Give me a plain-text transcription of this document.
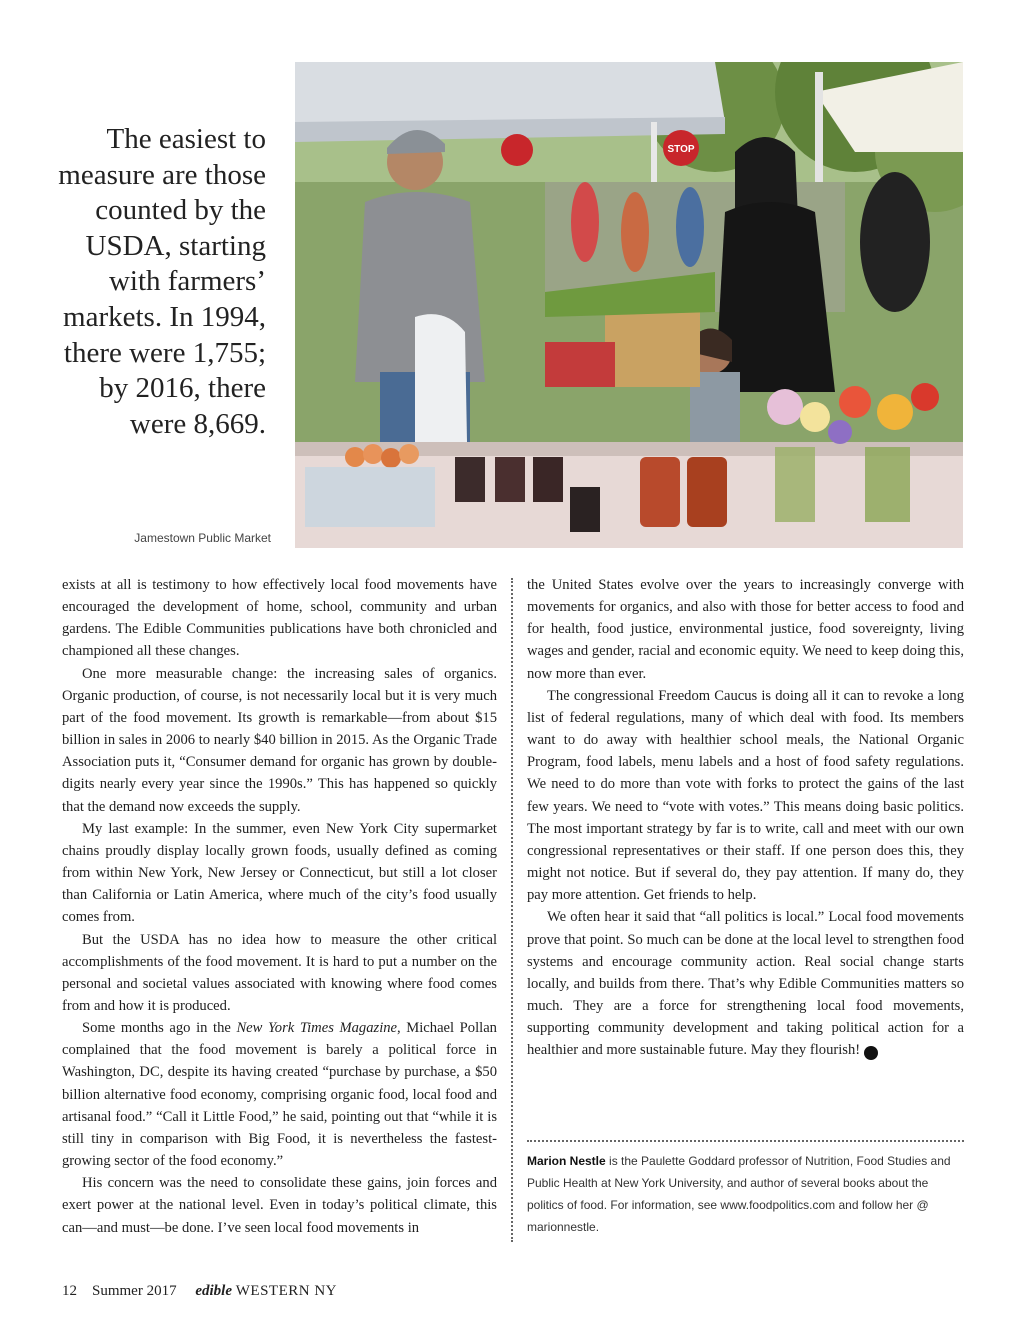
The easiest to measure are those counted by the USDA, starting with farmers’ markets. In 1994, there were 1,755; by 2016, there were 8,669.

Jamestown Public Market
STOP

exists at all is testimony to how effectively local food movements have encouraged the development of home, school, community and urban gardens. The Edible Communities publications have both chronicled and championed all these changes.

One more measurable change: the increasing sales of organics. Organic production, of course, is not necessarily local but it is very much part of the food movement. Its growth is remarkable—from about $15 billion in sales in 2006 to nearly $40 billion in 2015. As the Organic Trade Association puts it, “Consumer demand for organic has grown by double-digits nearly every year since the 1990s.” This has happened so quickly that the demand now exceeds the supply.

My last example: In the summer, even New York City supermarket chains proudly display locally grown foods, usually defined as coming from within New York, New Jersey or Connecticut, but still a lot closer than California or Latin America, where much of the city’s food usually comes from.

But the USDA has no idea how to measure the other critical accomplishments of the food movement. It is hard to put a number on the personal and societal values associated with knowing where food comes from and how it is produced.

Some months ago in the New York Times Magazine, Michael Pollan complained that the food movement is barely a political force in Washington, DC, despite its having created “purchase by purchase, a $50 billion alternative food economy, comprising organic food, local food and artisanal food.” “Call it Little Food,” he said, pointing out that “while it is still tiny in comparison with Big Food, it is nevertheless the fastest-growing sector of the food economy.”

His concern was the need to consolidate these gains, join forces and exert power at the national level. Even in today’s political climate, this can—and must—be done. I’ve seen local food movements in

the United States evolve over the years to increasingly converge with movements for organics, and also with those for better access to food and for health, food justice, environmental justice, food sovereignty, living wages and gender, racial and economic equity. We need to keep doing this, now more than ever.

The congressional Freedom Caucus is doing all it can to revoke a long list of federal regulations, many of which deal with food. Its members want to do away with healthier school meals, the National Organic Program, food labels, menu labels and a host of food safety regulations. We need to do more than vote with forks to protect the gains of the last few years. We need to “vote with votes.” This means doing basic politics. The most important strategy by far is to write, call and meet with our own congressional representatives or their staff. If one person does this, they might not notice. But if several do, they pay attention. If many do, they pay more attention. Get friends to help.

We often hear it said that “all politics is local.” Local food movements prove that point. So much can be done at the local level to strengthen food systems and encourage community action. Real social change starts locally, and builds from there. That’s why Edible Communities matters so much. They are a force for strengthening local food movements, supporting community development and taking political action for a healthier and more sustainable future. May they flourish! e

Marion Nestle is the Paulette Goddard professor of Nutrition, Food Studies and Public Health at New York University, and author of several books about the politics of food. For information, see www.foodpolitics.com and follow her @ marionnestle.
12 Summer 2017 edible WESTERN NY
